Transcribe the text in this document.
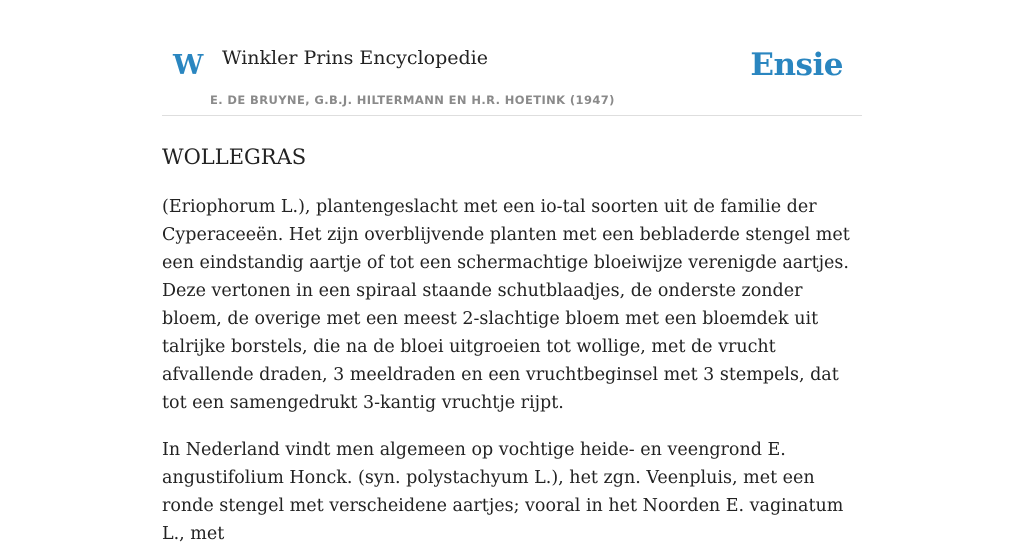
W Winkler Prins Encyclopedie
E. DE BRUYNE, G.B.J. HILTERMANN EN H.R. HOETINK (1947)
Ensie
WOLLEGRAS

(Eriophorum L.), plantengeslacht met een io-tal soorten uit de familie der Cyperaceeën. Het zijn overblijvende planten met een bebladerde stengel met een eindstandig aartje of tot een schermachtige bloeiwijze verenigde aartjes. Deze vertonen in een spiraal staande schutblaadjes, de onderste zonder bloem, de overige met een meest 2-slachtige bloem met een bloemdek uit talrijke borstels, die na de bloei uitgroeien tot wollige, met de vrucht afvallende draden, 3 meeldraden en een vruchtbeginsel met 3 stempels, dat tot een samengedrukt 3-kantig vruchtje rijpt.

In Nederland vindt men algemeen op vochtige heide- en veengrond E. angustifolium Honck. (syn. polystachyum L.), het zgn. Veenpluis, met een ronde stengel met verscheidene aartjes; vooral in het Noorden E. vaginatum L., met
